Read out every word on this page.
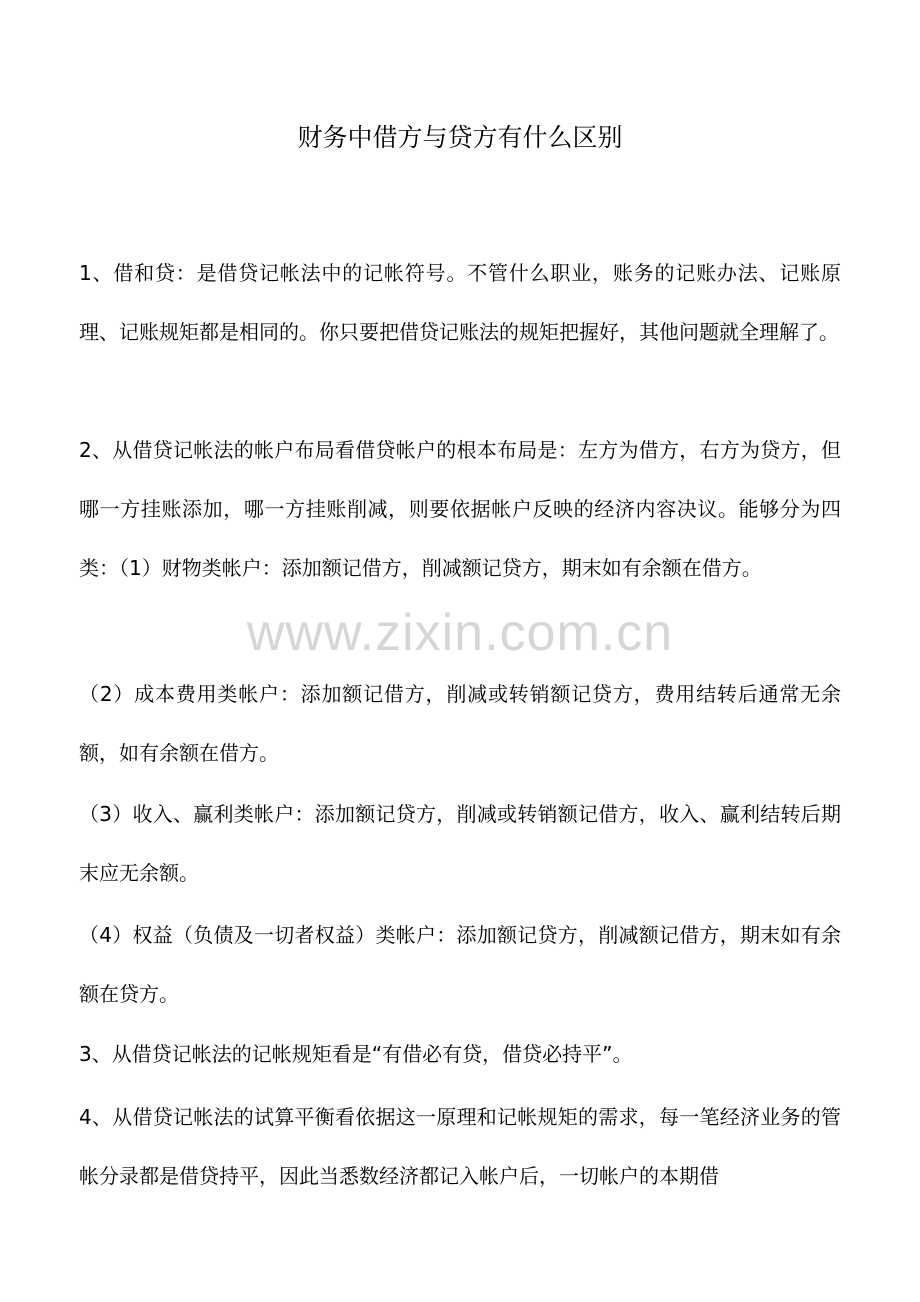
财务中借方与贷方有什么区别

1、借和贷：是借贷记帐法中的记帐符号。不管什么职业，账务的记账办法、记账原理、记账规矩都是相同的。你只要把借贷记账法的规矩把握好，其他问题就全理解了。

2、从借贷记帐法的帐户布局看借贷帐户的根本布局是：左方为借方，右方为贷方，但哪一方挂账添加，哪一方挂账削减，则要依据帐户反映的经济内容决议。能够分为四类：（1）财物类帐户：添加额记借方，削减额记贷方，期末如有余额在借方。

（2）成本费用类帐户：添加额记借方，削减或转销额记贷方，费用结转后通常无余额，如有余额在借方。

（3）收入、赢利类帐户：添加额记贷方，削减或转销额记借方，收入、赢利结转后期末应无余额。

（4）权益（负债及一切者权益）类帐户：添加额记贷方，削减额记借方，期末如有余额在贷方。

3、从借贷记帐法的记帐规矩看是“有借必有贷，借贷必持平”。

4、从借贷记帐法的试算平衡看依据这一原理和记帐规矩的需求，每一笔经济业务的管帐分录都是借贷持平，因此当悉数经济都记入帐户后，一切帐户的本期借

www.zixin.com.cn
